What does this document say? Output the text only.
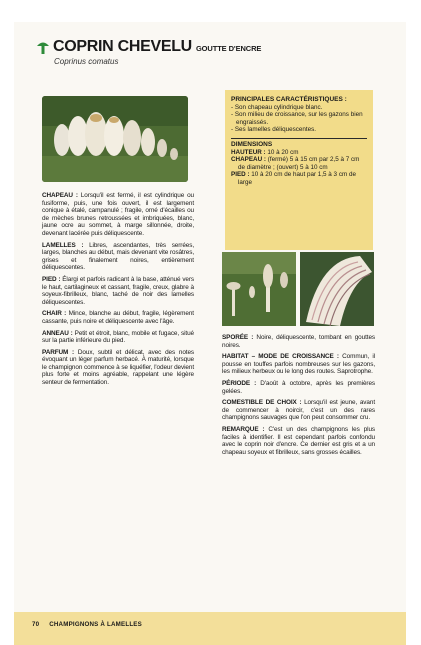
COPRIN CHEVELU GOUTTE D'ENCRE
Coprinus comatus

CHAPEAU : Lorsqu'il est fermé, il est cylindrique ou fusiforme, puis, une fois ouvert, il est largement conique à étalé, campanulé ; fragile, orné d'écailles ou de mèches brunes retroussées et imbriquées, blanc, jaune ocre au sommet, à marge sillonnée, droite, devenant lacérée puis déliquescente.

LAMELLES : Libres, ascendantes, très serrées, larges, blanches au début, mais devenant vite rosâtres, grises et finalement noires, entièrement déliquescentes.

PIED : Élargi et parfois radicant à la base, atténué vers le haut, cartilagineux et cassant, fragile, creux, glabre à soyeux-fibrilleux, blanc, taché de noir des lamelles déliquescentes.

CHAIR : Mince, blanche au début, fragile, légèrement cassante, puis noire et déliquescente avec l'âge.

ANNEAU : Petit et étroit, blanc, mobile et fugace, situé sur la partie inférieure du pied.

PARFUM : Doux, subtil et délicat, avec des notes évoquant un léger parfum herbacé. À maturité, lorsque le champignon commence à se liquéfier, l'odeur devient plus forte et moins agréable, rappelant une légère senteur de fermentation.

PRINCIPALES CARACTÉRISTIQUES :
- Son chapeau cylindrique blanc.
- Son milieu de croissance, sur les gazons bien engraissés.
- Ses lamelles déliquescentes.
DIMENSIONS
HAUTEUR : 10 à 20 cm
CHAPEAU : (fermé) 5 à 15 cm par 2,5 à 7 cm de diamètre ; (ouvert) 5 à 10 cm
PIED : 10 à 20 cm de haut par 1,5 à 3 cm de large

SPORÉE : Noire, déliquescente, tombant en gouttes noires.

HABITAT – MODE DE CROISSANCE : Commun, il pousse en touffes parfois nombreuses sur les gazons, les milieux herbeux ou le long des routes. Saprotrophe.

PÉRIODE : D'août à octobre, après les premières gelées.

COMESTIBLE DE CHOIX : Lorsqu'il est jeune, avant de commencer à noircir, c'est un des rares champignons sauvages que l'on peut consommer cru.

REMARQUE : C'est un des champignons les plus faciles à identifier. Il est cependant parfois confondu avec le coprin noir d'encre. Ce dernier est gris et a un chapeau soyeux et fibrilleux, sans grosses écailles.

70 CHAMPIGNONS À LAMELLES
